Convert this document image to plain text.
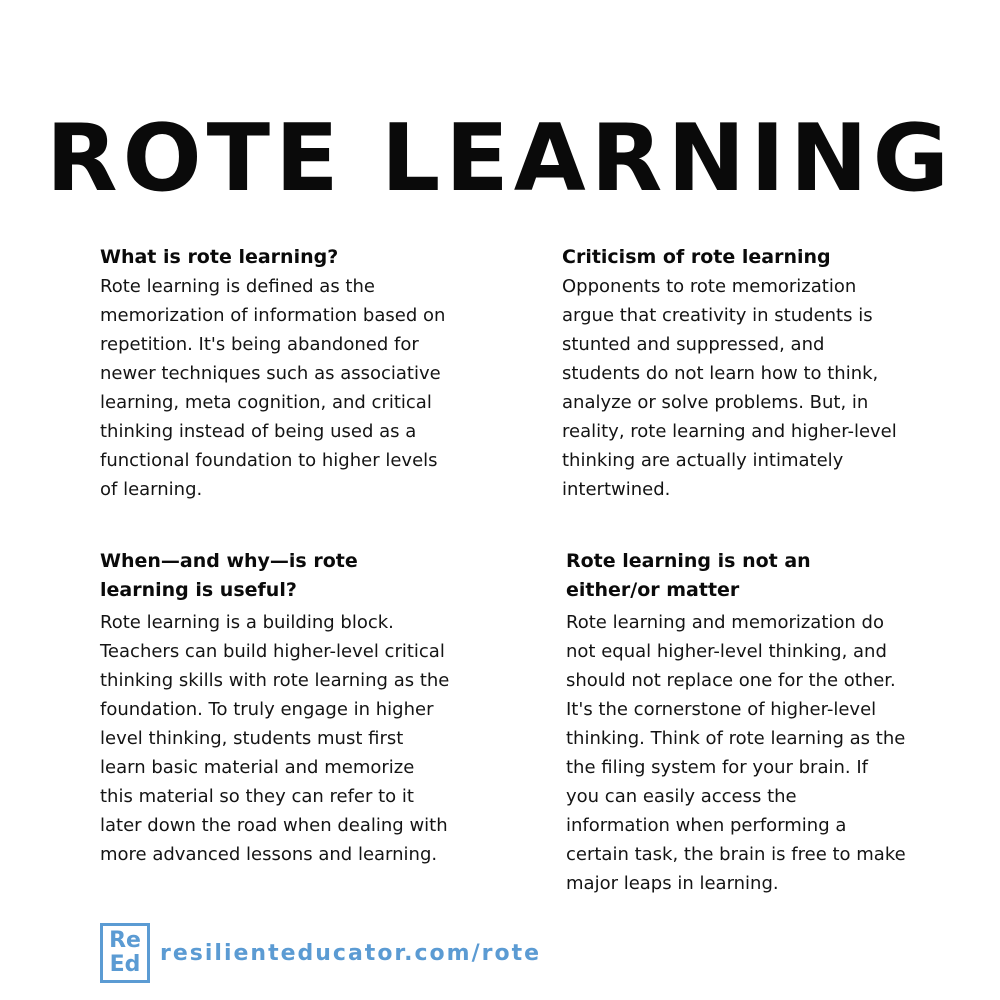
ROTE LEARNING
What is rote learning?

Rote learning is defined as the memorization of information based on repetition. It's being abandoned for newer techniques such as associative learning, meta cognition, and critical thinking instead of being used as a functional foundation to higher levels of learning.

Criticism of rote learning

Opponents to rote memorization argue that creativity in students is stunted and suppressed, and students do not learn how to think, analyze or solve problems. But, in reality, rote learning and higher-level thinking are actually intimately intertwined.

When—and why—is rote learning is useful?

Rote learning is a building block. Teachers can build higher-level critical thinking skills with rote learning as the foundation. To truly engage in higher level thinking, students must first learn basic material and memorize this material so they can refer to it later down the road when dealing with more advanced lessons and learning.

Rote learning is not an either/or matter

Rote learning and memorization do not equal higher-level thinking, and should not replace one for the other. It's the cornerstone of higher-level thinking. Think of rote learning as the the filing system for your brain. If you can easily access the information when performing a certain task, the brain is free to make major leaps in learning.

Re
Ed resilienteducator.com/rote
